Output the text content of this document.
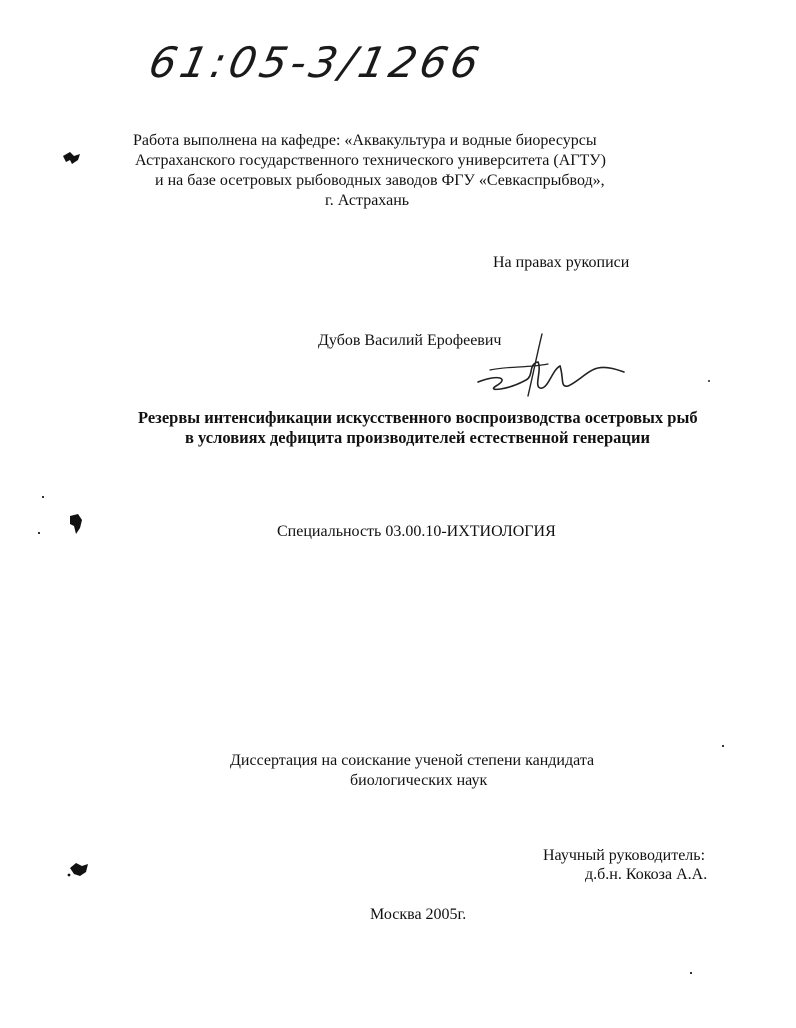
61:05-3/1266
Работа выполнена на кафедре: «Аквакультура и водные биоресурсы
Астраханского государственного технического университета (АГТУ)
и на базе осетровых рыбоводных заводов ФГУ «Севкаспрыбвод»,
г. Астрахань
На правах рукописи
Дубов Василий Ерофеевич
Резервы интенсификации искусственного воспроизводства осетровых рыб
в условиях дефицита производителей естественной генерации
Специальность 03.00.10-ИХТИОЛОГИЯ
Диссертация на соискание ученой степени кандидата
биологических наук
Научный руководитель:
д.б.н. Кокоза А.А.
Москва 2005г.
